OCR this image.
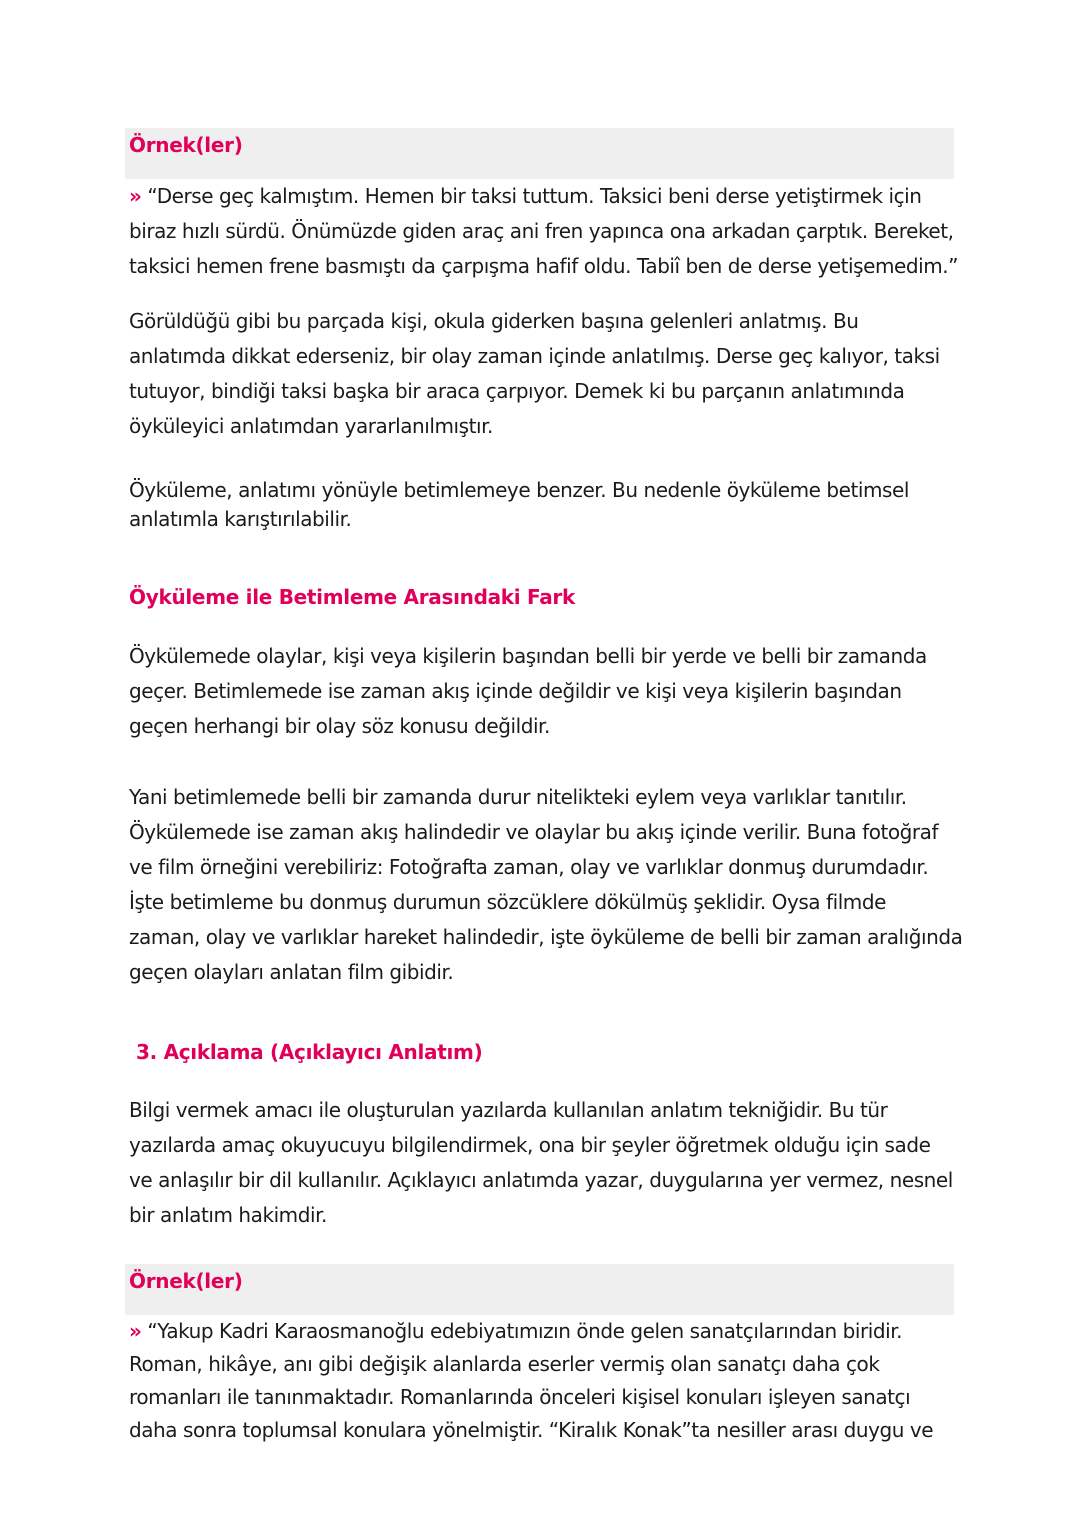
Örnek(ler)
» “Derse geç kalmıştım. Hemen bir taksi tuttum. Taksici beni derse yetiştirmek için
biraz hızlı sürdü. Önümüzde giden araç ani fren yapınca ona arkadan çarptık. Bereket,
taksici hemen frene basmıştı da çarpışma hafif oldu. Tabiî ben de derse yetişemedim.”
Görüldüğü gibi bu parçada kişi, okula giderken başına gelenleri anlatmış. Bu
anlatımda dikkat ederseniz, bir olay zaman içinde anlatılmış. Derse geç kalıyor, taksi
tutuyor, bindiği taksi başka bir araca çarpıyor. Demek ki bu parçanın anlatımında
öyküleyici anlatımdan yararlanılmıştır.
Öyküleme, anlatımı yönüyle betimlemeye benzer. Bu nedenle öyküleme betimsel
anlatımla karıştırılabilir.
Öyküleme ile Betimleme Arasındaki Fark
Öykülemede olaylar, kişi veya kişilerin başından belli bir yerde ve belli bir zamanda
geçer. Betimlemede ise zaman akış içinde değildir ve kişi veya kişilerin başından
geçen herhangi bir olay söz konusu değildir.
Yani betimlemede belli bir zamanda durur nitelikteki eylem veya varlıklar tanıtılır.
Öykülemede ise zaman akış halindedir ve olaylar bu akış içinde verilir. Buna fotoğraf
ve film örneğini verebiliriz: Fotoğrafta zaman, olay ve varlıklar donmuş durumdadır.
İşte betimleme bu donmuş durumun sözcüklere dökülmüş şeklidir. Oysa filmde
zaman, olay ve varlıklar hareket halindedir, işte öyküleme de belli bir zaman aralığında
geçen olayları anlatan film gibidir.
3. Açıklama (Açıklayıcı Anlatım)
Bilgi vermek amacı ile oluşturulan yazılarda kullanılan anlatım tekniğidir. Bu tür
yazılarda amaç okuyucuyu bilgilendirmek, ona bir şeyler öğretmek olduğu için sade
ve anlaşılır bir dil kullanılır. Açıklayıcı anlatımda yazar, duygularına yer vermez, nesnel
bir anlatım hakimdir.
Örnek(ler)
» “Yakup Kadri Karaosmanoğlu edebiyatımızın önde gelen sanatçılarından biridir.
Roman, hikâye, anı gibi değişik alanlarda eserler vermiş olan sanatçı daha çok
romanları ile tanınmaktadır. Romanlarında önceleri kişisel konuları işleyen sanatçı
daha sonra toplumsal konulara yönelmiştir. “Kiralık Konak”ta nesiller arası duygu ve
